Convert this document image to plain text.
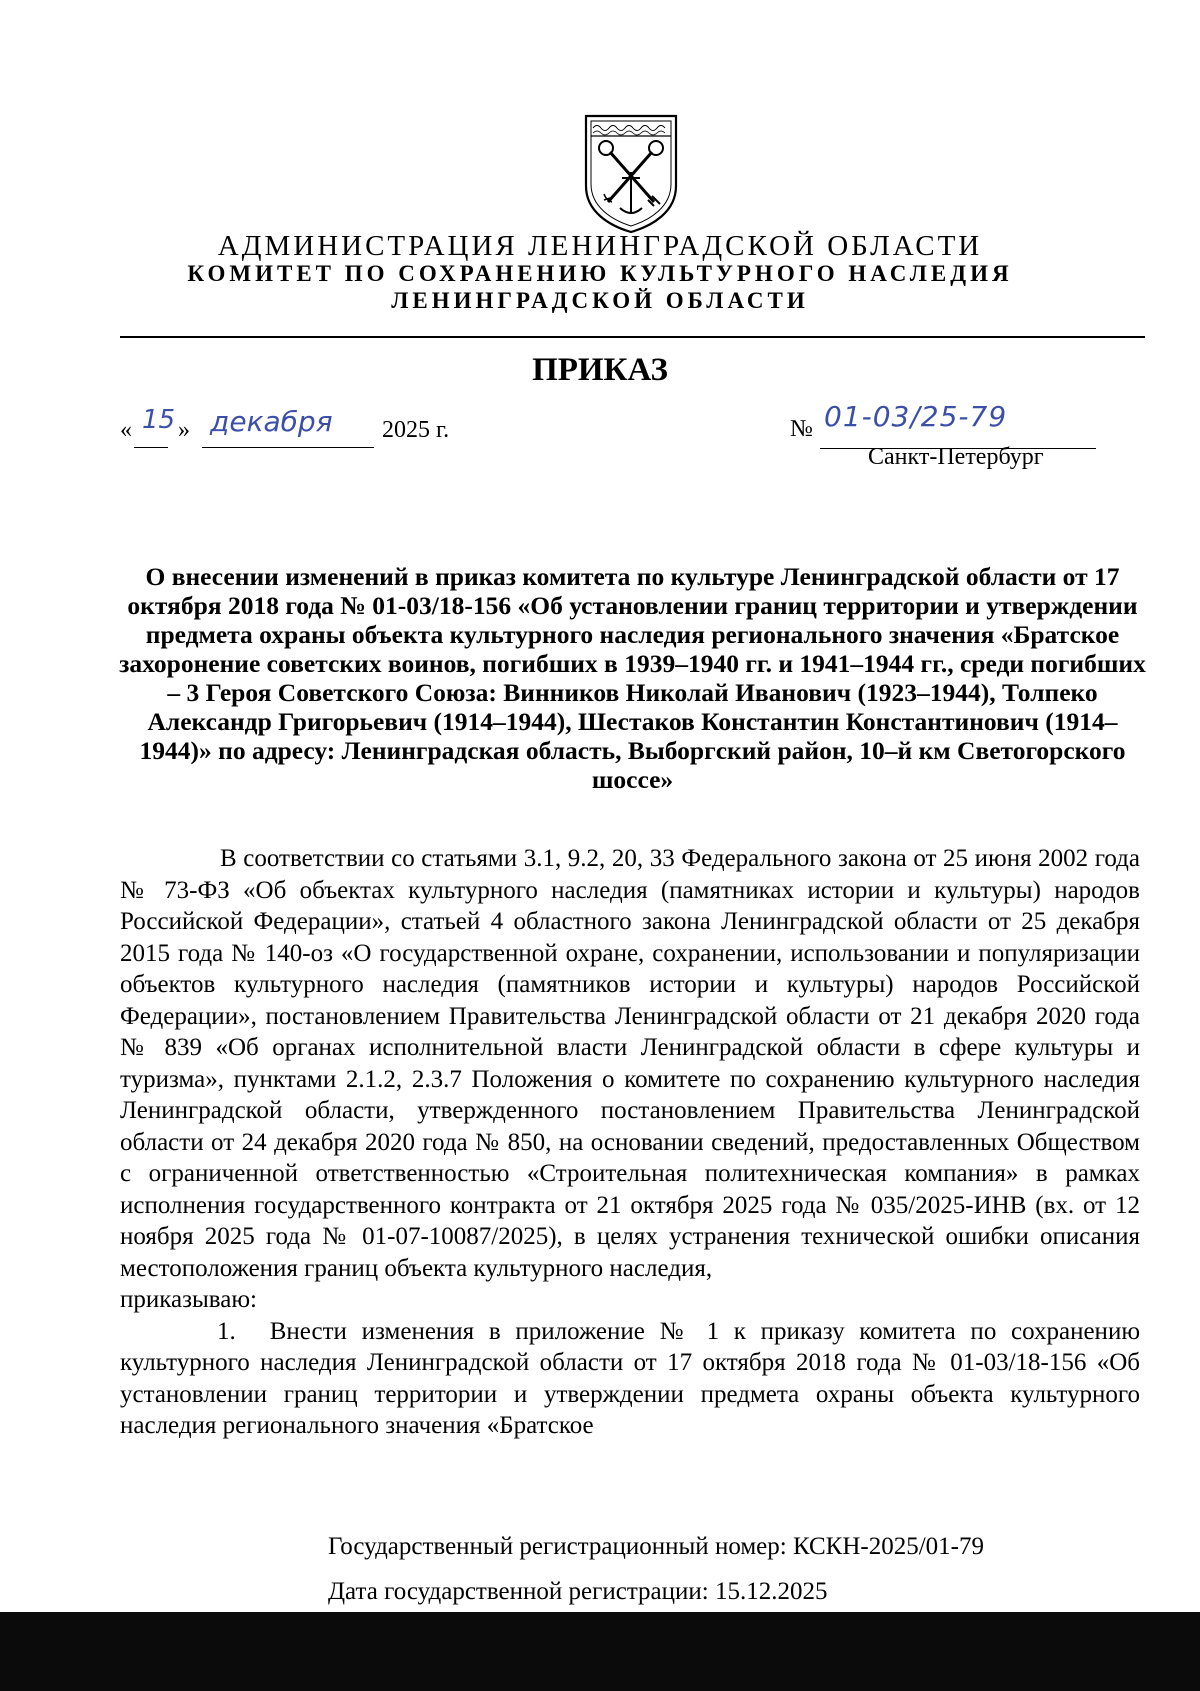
АДМИНИСТРАЦИЯ ЛЕНИНГРАДСКОЙ ОБЛАСТИ
КОМИТЕТ ПО СОХРАНЕНИЮ КУЛЬТУРНОГО НАСЛЕДИЯ
ЛЕНИНГРАДСКОЙ ОБЛАСТИ
ПРИКАЗ
« 15 » декабря 2025 г.	№ 01-03/25-79
Санкт-Петербург
О внесении изменений в приказ комитета по культуре Ленинградской области от 17 октября 2018 года № 01-03/18-156 «Об установлении границ территории и утверждении предмета охраны объекта культурного наследия регионального значения «Братское захоронение советских воинов, погибших в 1939–1940 гг. и 1941–1944 гг., среди погибших – 3 Героя Советского Союза: Винников Николай Иванович (1923–1944), Толпеко Александр Григорьевич (1914–1944), Шестаков Константин Константинович (1914–1944)» по адресу: Ленинградская область, Выборгский район, 10–й км Светогорского шоссе»

В соответствии со статьями 3.1, 9.2, 20, 33 Федерального закона от 25 июня 2002 года № 73-ФЗ «Об объектах культурного наследия (памятниках истории и культуры) народов Российской Федерации», статьей 4 областного закона Ленинградской области от 25 декабря 2015 года № 140-оз «О государственной охране, сохранении, использовании и популяризации объектов культурного наследия (памятников истории и культуры) народов Российской Федерации», постановлением Правительства Ленинградской области от 21 декабря 2020 года № 839 «Об органах исполнительной власти Ленинградской области в сфере культуры и туризма», пунктами 2.1.2, 2.3.7 Положения о комитете по сохранению культурного наследия Ленинградской области, утвержденного постановлением Правительства Ленинградской области от 24 декабря 2020 года № 850, на основании сведений, предоставленных Обществом с ограниченной ответственностью «Строительная политехническая компания» в рамках исполнения государственного контракта от 21 октября 2025 года № 035/2025-ИНВ (вх. от 12 ноября 2025 года № 01-07-10087/2025), в целях устранения технической ошибки описания местоположения границ объекта культурного наследия,

приказываю:

1. Внести изменения в приложение № 1 к приказу комитета по сохранению культурного наследия Ленинградской области от 17 октября 2018 года № 01-03/18-156 «Об установлении границ территории и утверждении предмета охраны объекта культурного наследия регионального значения «Братское

Государственный регистрационный номер: КСКН-2025/01-79
Дата государственной регистрации: 15.12.2025
